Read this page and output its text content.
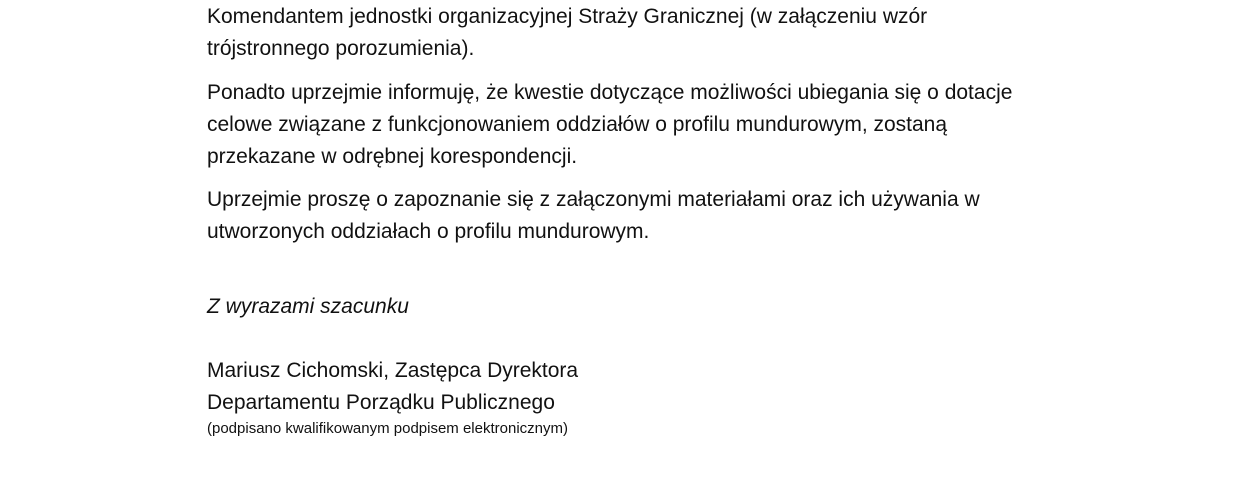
Komendantem jednostki organizacyjnej Straży Granicznej (w załączeniu wzór trójstronnego porozumienia).

Ponadto uprzejmie informuję, że kwestie dotyczące możliwości ubiegania się o dotacje celowe związane z funkcjonowaniem oddziałów o profilu mundurowym, zostaną przekazane w odrębnej korespondencji.

Uprzejmie proszę o zapoznanie się z załączonymi materiałami oraz ich używania w utworzonych oddziałach o profilu mundurowym.

Z wyrazami szacunku

Mariusz Cichomski, Zastępca Dyrektora
Departamentu Porządku Publicznego

(podpisano kwalifikowanym podpisem elektronicznym)
